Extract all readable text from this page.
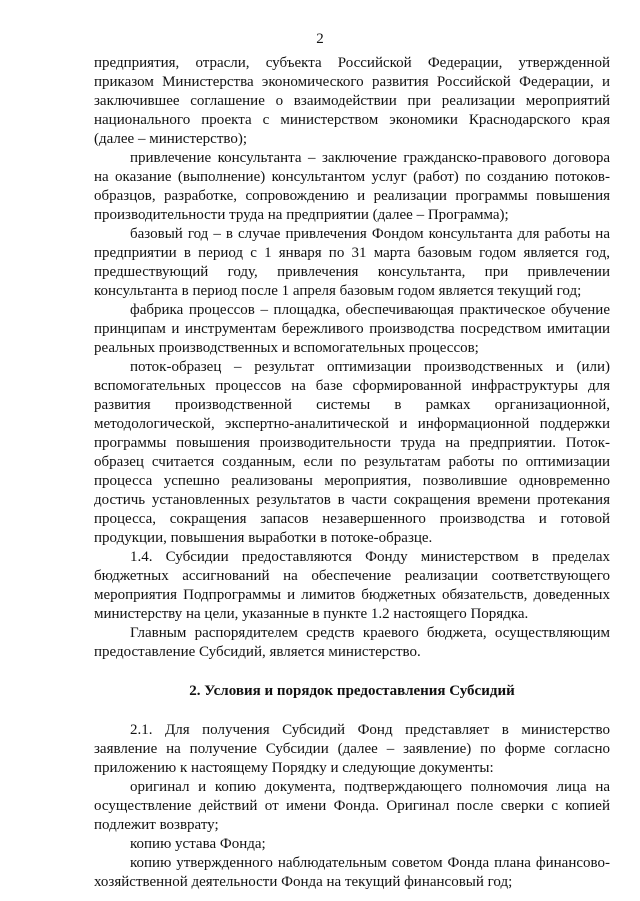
2

предприятия, отрасли, субъекта Российской Федерации, утвержденной приказом Министерства экономического развития Российской Федерации, и заключившее соглашение о взаимодействии при реализации мероприятий национального проекта с министерством экономики Краснодарского края (далее – министерство);

привлечение консультанта – заключение гражданско-правового договора на оказание (выполнение) консультантом услуг (работ) по созданию потоков-образцов, разработке, сопровождению и реализации программы повышения производительности труда на предприятии (далее – Программа);

базовый год – в случае привлечения Фондом консультанта для работы на предприятии в период с 1 января по 31 марта базовым годом является год, предшествующий году, привлечения консультанта, при привлечении консультанта в период после 1 апреля базовым годом является текущий год;

фабрика процессов – площадка, обеспечивающая практическое обучение принципам и инструментам бережливого производства посредством имитации реальных производственных и вспомогательных процессов;

поток-образец – результат оптимизации производственных и (или) вспомогательных процессов на базе сформированной инфраструктуры для развития производственной системы в рамках организационной, методологической, экспертно-аналитической и информационной поддержки программы повышения производительности труда на предприятии. Поток-образец считается созданным, если по результатам работы по оптимизации процесса успешно реализованы мероприятия, позволившие одновременно достичь установленных результатов в части сокращения времени протекания процесса, сокращения запасов незавершенного производства и готовой продукции, повышения выработки в потоке-образце.

1.4. Субсидии предоставляются Фонду министерством в пределах бюджетных ассигнований на обеспечение реализации соответствующего мероприятия Подпрограммы и лимитов бюджетных обязательств, доведенных министерству на цели, указанные в пункте 1.2 настоящего Порядка.

Главным распорядителем средств краевого бюджета, осуществляющим предоставление Субсидий, является министерство.

2. Условия и порядок предоставления Субсидий

2.1. Для получения Субсидий Фонд представляет в министерство заявление на получение Субсидии (далее – заявление) по форме согласно приложению к настоящему Порядку и следующие документы:

оригинал и копию документа, подтверждающего полномочия лица на осуществление действий от имени Фонда. Оригинал после сверки с копией подлежит возврату;

копию устава Фонда;

копию утвержденного наблюдательным советом Фонда плана финансово-хозяйственной деятельности Фонда на текущий финансовый год;
